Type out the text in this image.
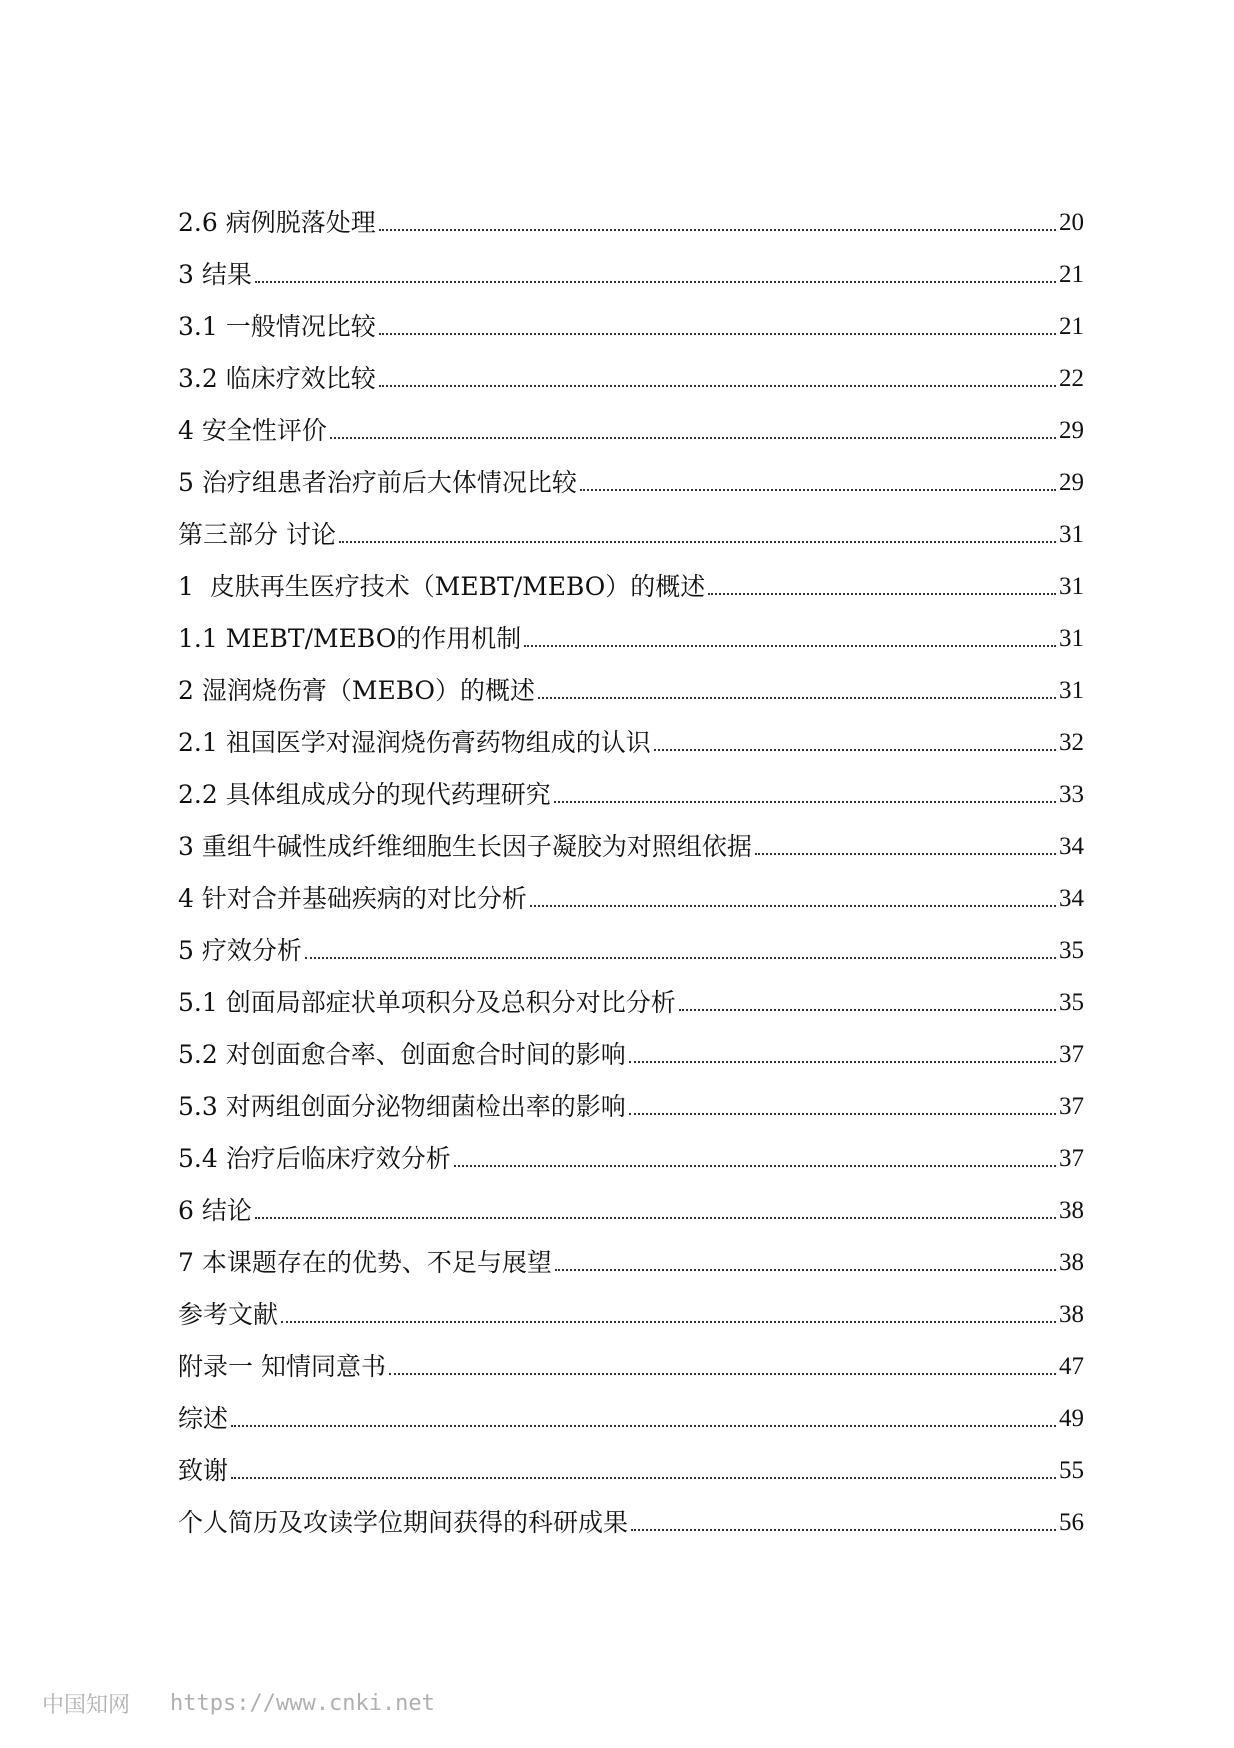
2.6 病例脱落处理	20
3 结果	21
3.1 一般情况比较	21
3.2 临床疗效比较	22
4 安全性评价	29
5 治疗组患者治疗前后大体情况比较	29
第三部分 讨论	31
1  皮肤再生医疗技术（MEBT/MEBO）的概述	31
1.1 MEBT/MEBO的作用机制	31
2 湿润烧伤膏（MEBO）的概述	31
2.1 祖国医学对湿润烧伤膏药物组成的认识	32
2.2 具体组成成分的现代药理研究	33
3 重组牛碱性成纤维细胞生长因子凝胶为对照组依据	34
4 针对合并基础疾病的对比分析	34
5 疗效分析	35
5.1 创面局部症状单项积分及总积分对比分析	35
5.2 对创面愈合率、创面愈合时间的影响	37
5.3 对两组创面分泌物细菌检出率的影响	37
5.4 治疗后临床疗效分析	37
6 结论	38
7 本课题存在的优势、不足与展望	38
参考文献	38
附录一 知情同意书	47
综述	49
致谢	55
个人简历及攻读学位期间获得的科研成果	56
中国知网 https://www.cnki.net
